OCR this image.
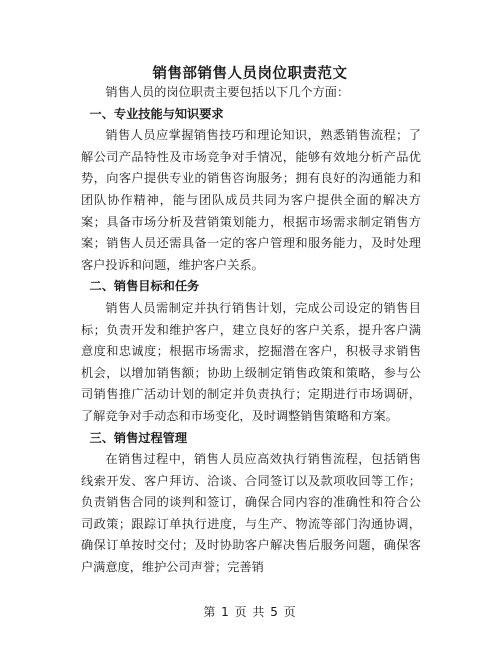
销售部销售人员岗位职责范文

销售人员的岗位职责主要包括以下几个方面：

一、专业技能与知识要求

销售人员应掌握销售技巧和理论知识，熟悉销售流程；了解公司产品特性及市场竞争对手情况，能够有效地分析产品优势，向客户提供专业的销售咨询服务；拥有良好的沟通能力和团队协作精神，能与团队成员共同为客户提供全面的解决方案；具备市场分析及营销策划能力，根据市场需求制定销售方案；销售人员还需具备一定的客户管理和服务能力，及时处理客户投诉和问题，维护客户关系。

二、销售目标和任务

销售人员需制定并执行销售计划，完成公司设定的销售目标；负责开发和维护客户，建立良好的客户关系，提升客户满意度和忠诚度；根据市场需求，挖掘潜在客户，积极寻求销售机会，以增加销售额；协助上级制定销售政策和策略，参与公司销售推广活动计划的制定并负责执行；定期进行市场调研，了解竞争对手动态和市场变化，及时调整销售策略和方案。

三、销售过程管理

在销售过程中，销售人员应高效执行销售流程，包括销售线索开发、客户拜访、洽谈、合同签订以及款项收回等工作；负责销售合同的谈判和签订，确保合同内容的准确性和符合公司政策；跟踪订单执行进度，与生产、物流等部门沟通协调，确保订单按时交付；及时协助客户解决售后服务问题，确保客户满意度，维护公司声誉；完善销

第 1 页 共 5 页
